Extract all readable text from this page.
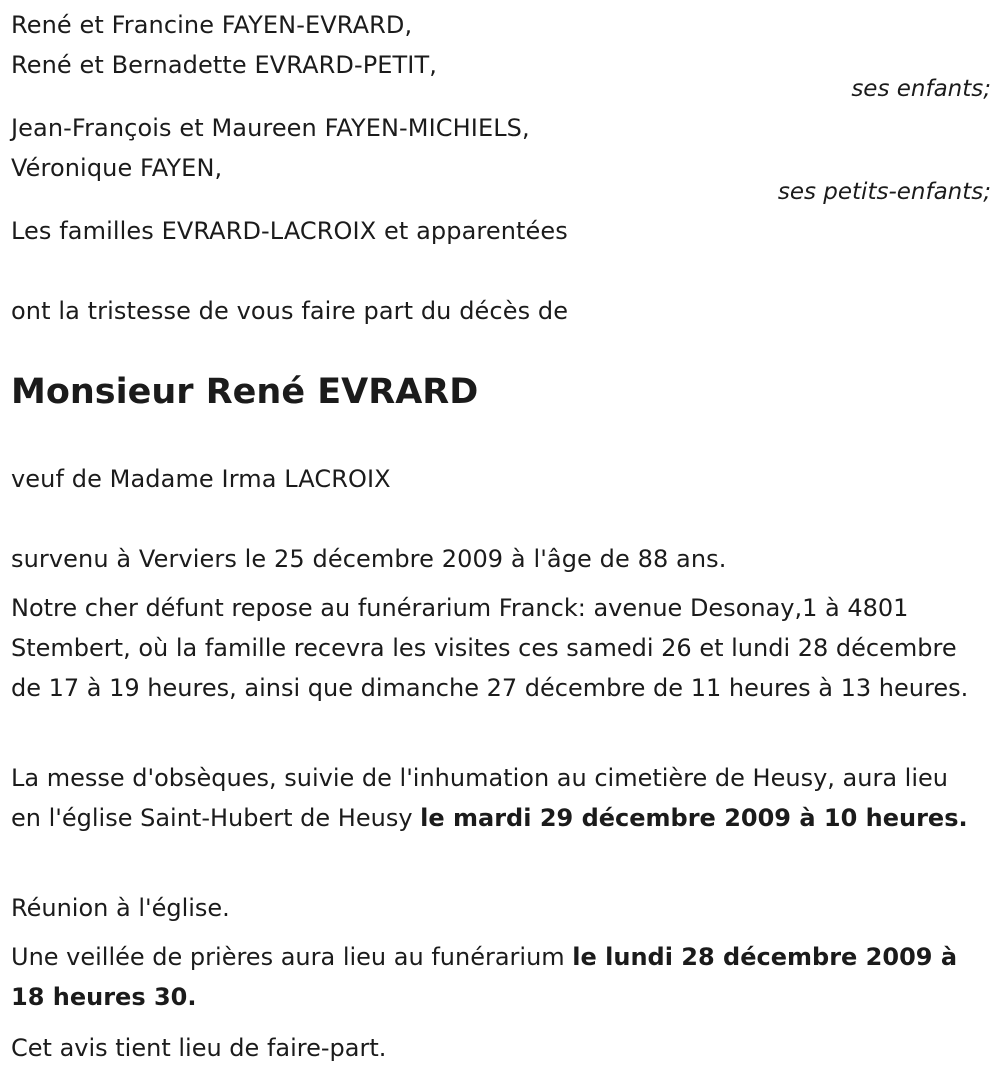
René et Francine FAYEN-EVRARD,
René et Bernadette EVRARD-PETIT,
ses enfants;
Jean-François et Maureen FAYEN-MICHIELS,
Véronique FAYEN,
ses petits-enfants;
Les familles EVRARD-LACROIX et apparentées
ont la tristesse de vous faire part du décès de
Monsieur René EVRARD
veuf de Madame Irma LACROIX
survenu à Verviers le 25 décembre 2009 à l'âge de 88 ans.
Notre cher défunt repose au funérarium Franck: avenue Desonay,1 à 4801 Stembert, où la famille recevra les visites ces samedi 26 et lundi 28 décembre de 17 à 19 heures, ainsi que dimanche 27 décembre de 11 heures à 13 heures.
La messe d'obsèques, suivie de l'inhumation au cimetière de Heusy, aura lieu en l'église Saint-Hubert de Heusy le mardi 29 décembre 2009 à 10 heures.
Réunion à l'église.
Une veillée de prières aura lieu au funérarium le lundi 28 décembre 2009 à 18 heures 30.
Cet avis tient lieu de faire-part.
